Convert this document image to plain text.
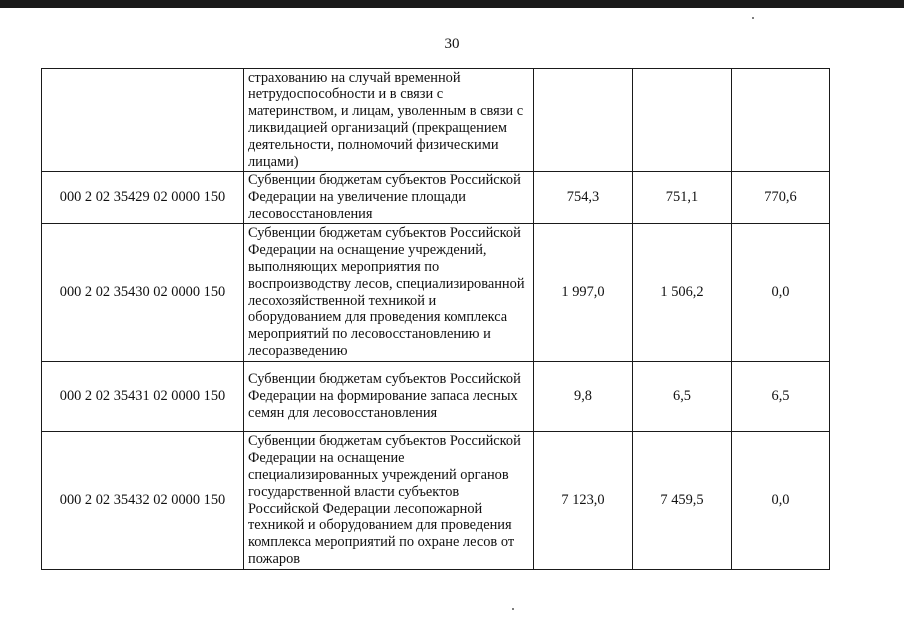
30
	страхованию на случай временной нетрудоспособности и в связи с материнством, и лицам, уволенным в связи с ликвидацией организаций (прекращением деятельности, полномочий физическими лицами)			
000 2 02 35429 02 0000 150	Субвенции бюджетам субъектов Российской Федерации на увеличение площади лесовосстановления	754,3	751,1	770,6
000 2 02 35430 02 0000 150	Субвенции бюджетам субъектов Российской Федерации на оснащение учреждений, выполняющих мероприятия по воспроизводству лесов, специализированной лесохозяйственной техникой и оборудованием для проведения комплекса мероприятий по лесовосстановлению и лесоразведению	1 997,0	1 506,2	0,0
000 2 02 35431 02 0000 150	Субвенции бюджетам субъектов Российской Федерации на формирование запаса лесных семян для лесовосстановления	9,8	6,5	6,5
000 2 02 35432 02 0000 150	Субвенции бюджетам субъектов Российской Федерации на оснащение специализированных учреждений органов государственной власти субъектов Российской Федерации лесопожарной техникой и оборудованием для проведения комплекса мероприятий по охране лесов от пожаров	7 123,0	7 459,5	0,0
